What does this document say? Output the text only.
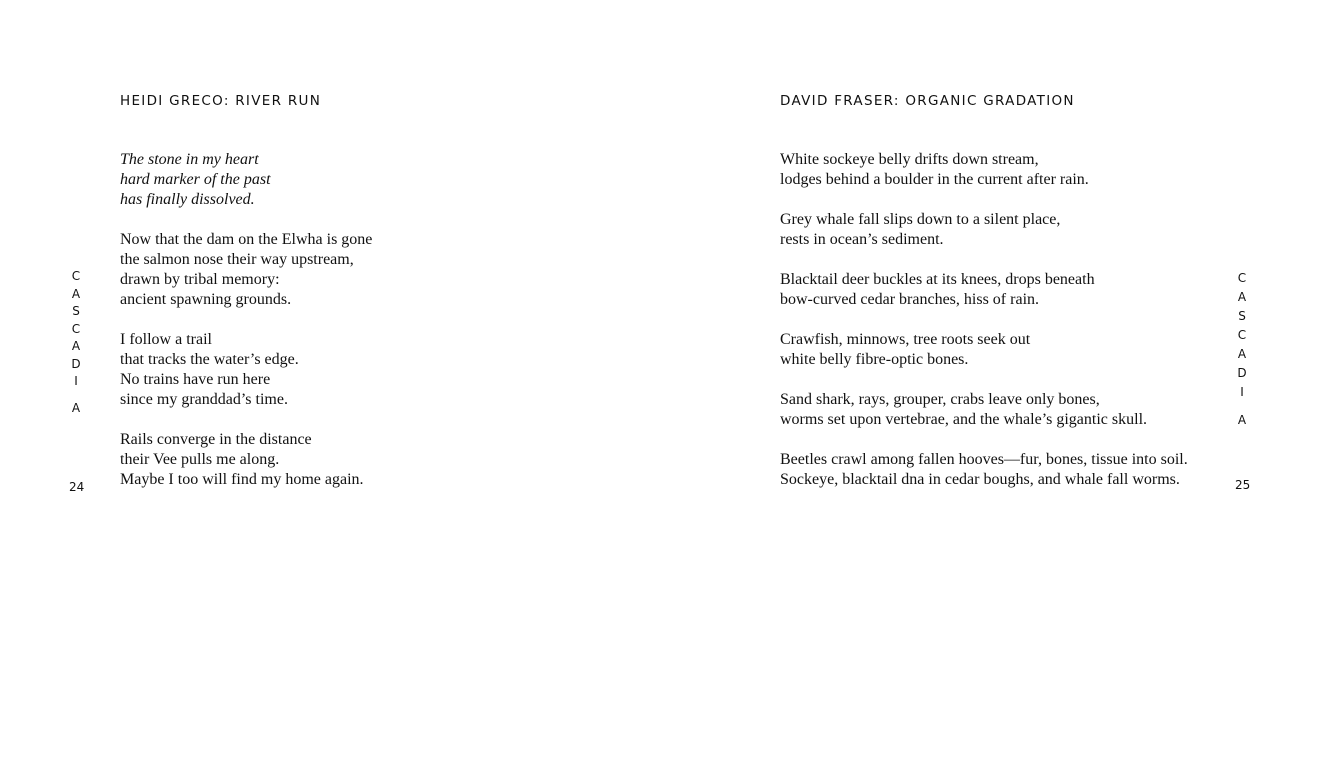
HEIDI GRECO: RIVER RUN
The stone in my heart
hard marker of the past
has finally dissolved.
Now that the dam on the Elwha is gone
the salmon nose their way upstream,
drawn by tribal memory:
ancient spawning grounds.
I follow a trail
that tracks the water’s edge.
No trains have run here
since my granddad’s time.
Rails converge in the distance
their Vee pulls me along.
Maybe I too will find my home again.
C
A
S
C
A
D
I
A
24
DAVID FRASER: ORGANIC GRADATION
White sockeye belly drifts down stream,
lodges behind a boulder in the current after rain.
Grey whale fall slips down to a silent place,
rests in ocean’s sediment.
Blacktail deer buckles at its knees, drops beneath
bow-curved cedar branches, hiss of rain.
Crawfish, minnows, tree roots seek out
white belly fibre-optic bones.
Sand shark, rays, grouper, crabs leave only bones,
worms set upon vertebrae, and the whale’s gigantic skull.
Beetles crawl among fallen hooves—fur, bones, tissue into soil.
Sockeye, blacktail dna in cedar boughs, and whale fall worms.
C
A
S
C
A
D
I
A
25
